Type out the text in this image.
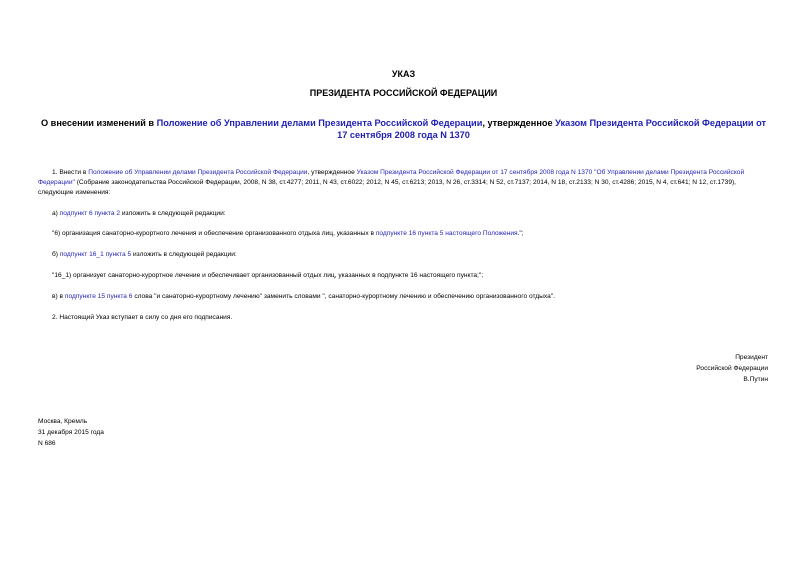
УКАЗ
ПРЕЗИДЕНТА РОССИЙСКОЙ ФЕДЕРАЦИИ
О внесении изменений в Положение об Управлении делами Президента Российской Федерации, утвержденное Указом Президента Российской Федерации от 17 сентября 2008 года N 1370
1. Внести в Положение об Управлении делами Президента Российской Федерации, утвержденное Указом Президента Российской Федерации от 17 сентября 2008 года N 1370 "Об Управлении делами Президента Российской Федерации" (Собрание законодательства Российской Федерации, 2008, N 38, ст.4277; 2011, N 43, ст.6022; 2012, N 45, ст.6213; 2013, N 26, ст.3314; N 52, ст.7137; 2014, N 18, ст.2133; N 30, ст.4286; 2015, N 4, ст.641; N 12, ст.1739), следующие изменения:
а) подпункт 6 пункта 2 изложить в следующей редакции:
"6) организация санаторно-курортного лечения и обеспечение организованного отдыха лиц, указанных в подпункте 16 пункта 5 настоящего Положения.";
б) подпункт 16_1 пункта 5 изложить в следующей редакции:
"16_1) организует санаторно-курортное лечение и обеспечивает организованный отдых лиц, указанных в подпункте 16 настоящего пункта;";
в) в подпункте 15 пункта 6 слова "и санаторно-курортному лечению" заменить словами ", санаторно-курортному лечению и обеспечению организованного отдыха".
2. Настоящий Указ вступает в силу со дня его подписания.
Президент
Российской Федерации
В.Путин
Москва, Кремль
31 декабря 2015 года
N 686
